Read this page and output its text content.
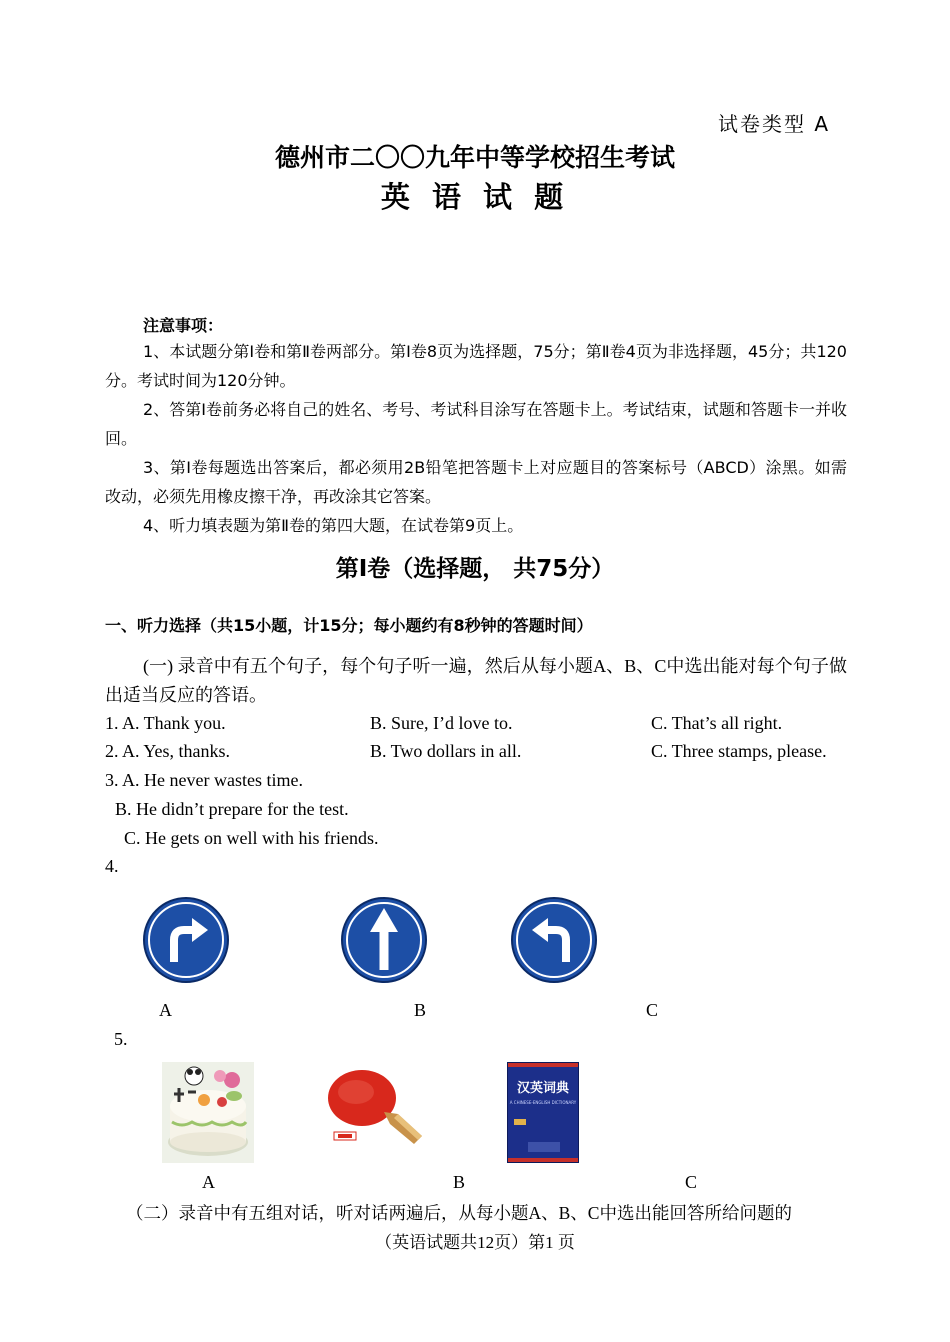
试卷类型 A
德州市二〇〇九年中等学校招生考试
英 语 试 题
注意事项：
1、本试题分第Ⅰ卷和第Ⅱ卷两部分。第Ⅰ卷8页为选择题，75分；第Ⅱ卷4页为非选择题，45分；共120分。考试时间为120分钟。
2、答第Ⅰ卷前务必将自己的姓名、考号、考试科目涂写在答题卡上。考试结束，试题和答题卡一并收回。
3、第Ⅰ卷每题选出答案后，都必须用2B铅笔把答题卡上对应题目的答案标号（ABCD）涂黑。如需改动，必须先用橡皮擦干净，再改涂其它答案。
4、听力填表题为第Ⅱ卷的第四大题，在试卷第9页上。
第Ⅰ卷（选择题， 共75分）
一、听力选择（共15小题，计15分；每小题约有8秒钟的答题时间）
(一) 录音中有五个句子，每个句子听一遍，然后从每小题A、B、C中选出能对每个句子做出适当反应的答语。
1. A. Thank you.	B. Sure, I’d love to.	C. That’s all right.
2. A. Yes, thanks.	B. Two dollars in all.	C. Three stamps, please.
3. A. He never wastes time.
B. He didn’t prepare for the test.
C. He gets on well with his friends.
4.
A	B	C
5.
汉英词典
A CHINESE-ENGLISH DICTIONARY
A	B	C
（二）录音中有五组对话，听对话两遍后，从每小题A、B、C中选出能回答所给问题的
（英语试题共12页）第1 页
